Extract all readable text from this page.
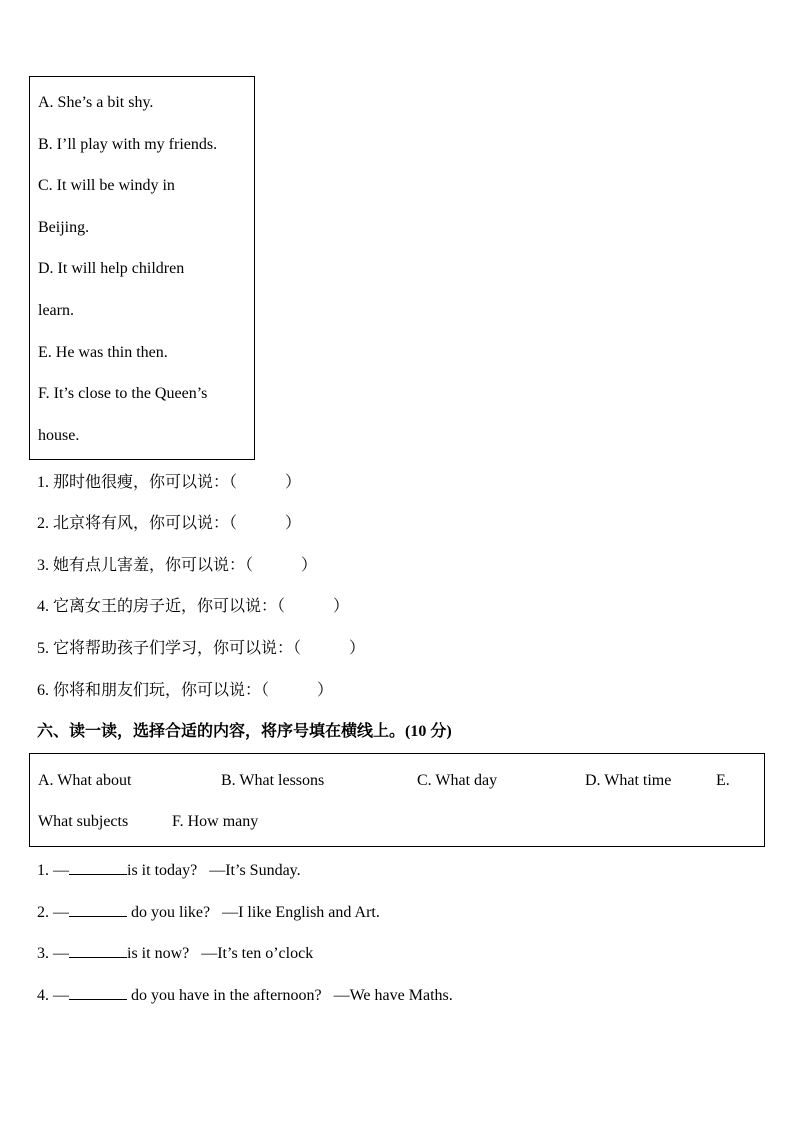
A. She’s a bit shy.
B. I’ll play with my friends.
C. It will be windy in
Beijing.
D. It will help children
learn.
E. He was thin then.
F. It’s close to the Queen’s
house.
1. 那时他很瘦，你可以说：（	）
2. 北京将有风，你可以说：（	）
3. 她有点儿害羞，你可以说：（	）
4. 它离女王的房子近，你可以说：（	）
5. 它将帮助孩子们学习，你可以说：（	）
6. 你将和朋友们玩，你可以说：（	）
六、读一读，选择合适的内容，将序号填在横线上。(10 分)
A. What about	B. What lessons	C. What day	D. What time	E.
What subjects	F. How many
1. —	is it today? —It’s Sunday.
2. —	do you like? —I like English and Art.
3. —	is it now? —It’s ten o’clock
4. —	do you have in the afternoon? —We have Maths.
